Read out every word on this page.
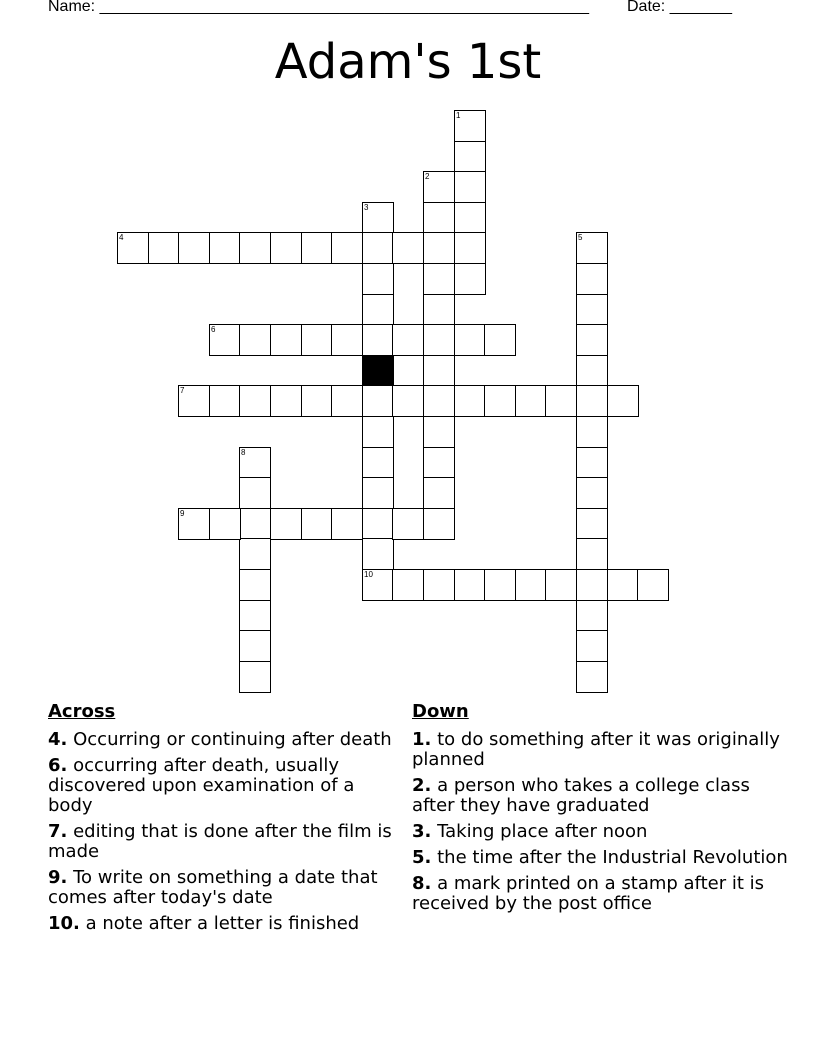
Name: _______________________________________________________ Date: _______
Adam's 1st
1
2
3
10
4	5
6
7
8
9
Across
4. Occurring or continuing after death
6. occurring after death, usually discovered upon examination of a body
7. editing that is done after the film is made
9. To write on something a date that comes after today's date
10. a note after a letter is finished
Down
1. to do something after it was originally planned
2. a person who takes a college class after they have graduated
3. Taking place after noon
5. the time after the Industrial Revolution
8. a mark printed on a stamp after it is received by the post office
